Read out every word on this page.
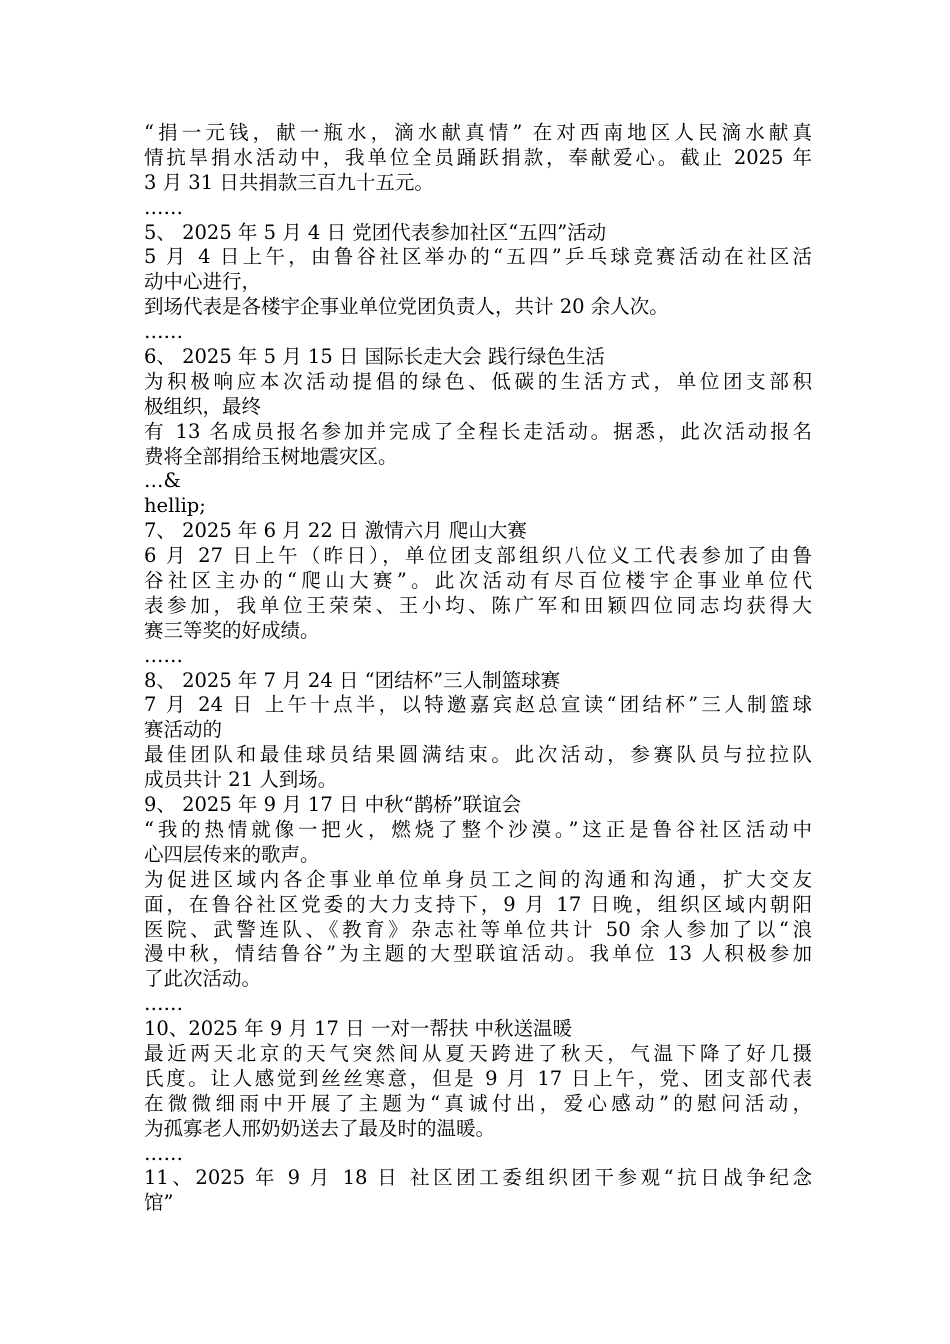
“捐一元钱，献一瓶水，滴水献真情” 在对西南地区人民滴水献真
情抗旱捐水活动中，我单位全员踊跃捐款，奉献爱心。截止 2025 年
3 月 31 日共捐款三百九十五元。
……
5、 2025 年 5 月 4 日 党团代表参加社区“五四”活动
5 月 4 日上午，由鲁谷社区举办的“五四”乒乓球竞赛活动在社区活
动中心进行，
到场代表是各楼宇企事业单位党团负责人，共计 20 余人次。
……
6、 2025 年 5 月 15 日 国际长走大会 践行绿色生活
为积极响应本次活动提倡的绿色、低碳的生活方式，单位团支部积
极组织，最终
有 13 名成员报名参加并完成了全程长走活动。据悉，此次活动报名
费将全部捐给玉树地震灾区。
…&
hellip;
7、 2025 年 6 月 22 日 激情六月 爬山大赛
6 月 27 日上午（昨日），单位团支部组织八位义工代表参加了由鲁
谷社区主办的“爬山大赛”。此次活动有尽百位楼宇企事业单位代
表参加，我单位王荣荣、王小均、陈广军和田颖四位同志均获得大
赛三等奖的好成绩。
……
8、 2025 年 7 月 24 日 “团结杯”三人制篮球赛
7 月 24 日 上午十点半，以特邀嘉宾赵总宣读“团结杯”三人制篮球
赛活动的
最佳团队和最佳球员结果圆满结束。此次活动，参赛队员与拉拉队
成员共计 21 人到场。
9、 2025 年 9 月 17 日 中秋“鹊桥”联谊会
“我的热情就像一把火，燃烧了整个沙漠。”这正是鲁谷社区活动中
心四层传来的歌声。
为促进区域内各企事业单位单身员工之间的沟通和沟通，扩大交友
面，在鲁谷社区党委的大力支持下，9 月 17 日晚，组织区域内朝阳
医院、武警连队、《教育》杂志社等单位共计 50 余人参加了以“浪
漫中秋，情结鲁谷”为主题的大型联谊活动。我单位 13 人积极参加
了此次活动。
……
10、2025 年 9 月 17 日 一对一帮扶 中秋送温暖
最近两天北京的天气突然间从夏天跨进了秋天，气温下降了好几摄
氏度。让人感觉到丝丝寒意，但是 9 月 17 日上午，党、团支部代表
在微微细雨中开展了主题为“真诚付出，爱心感动”的慰问活动，
为孤寡老人邢奶奶送去了最及时的温暖。
……
11、2025 年 9 月 18 日 社区团工委组织团干参观“抗日战争纪念
馆”
